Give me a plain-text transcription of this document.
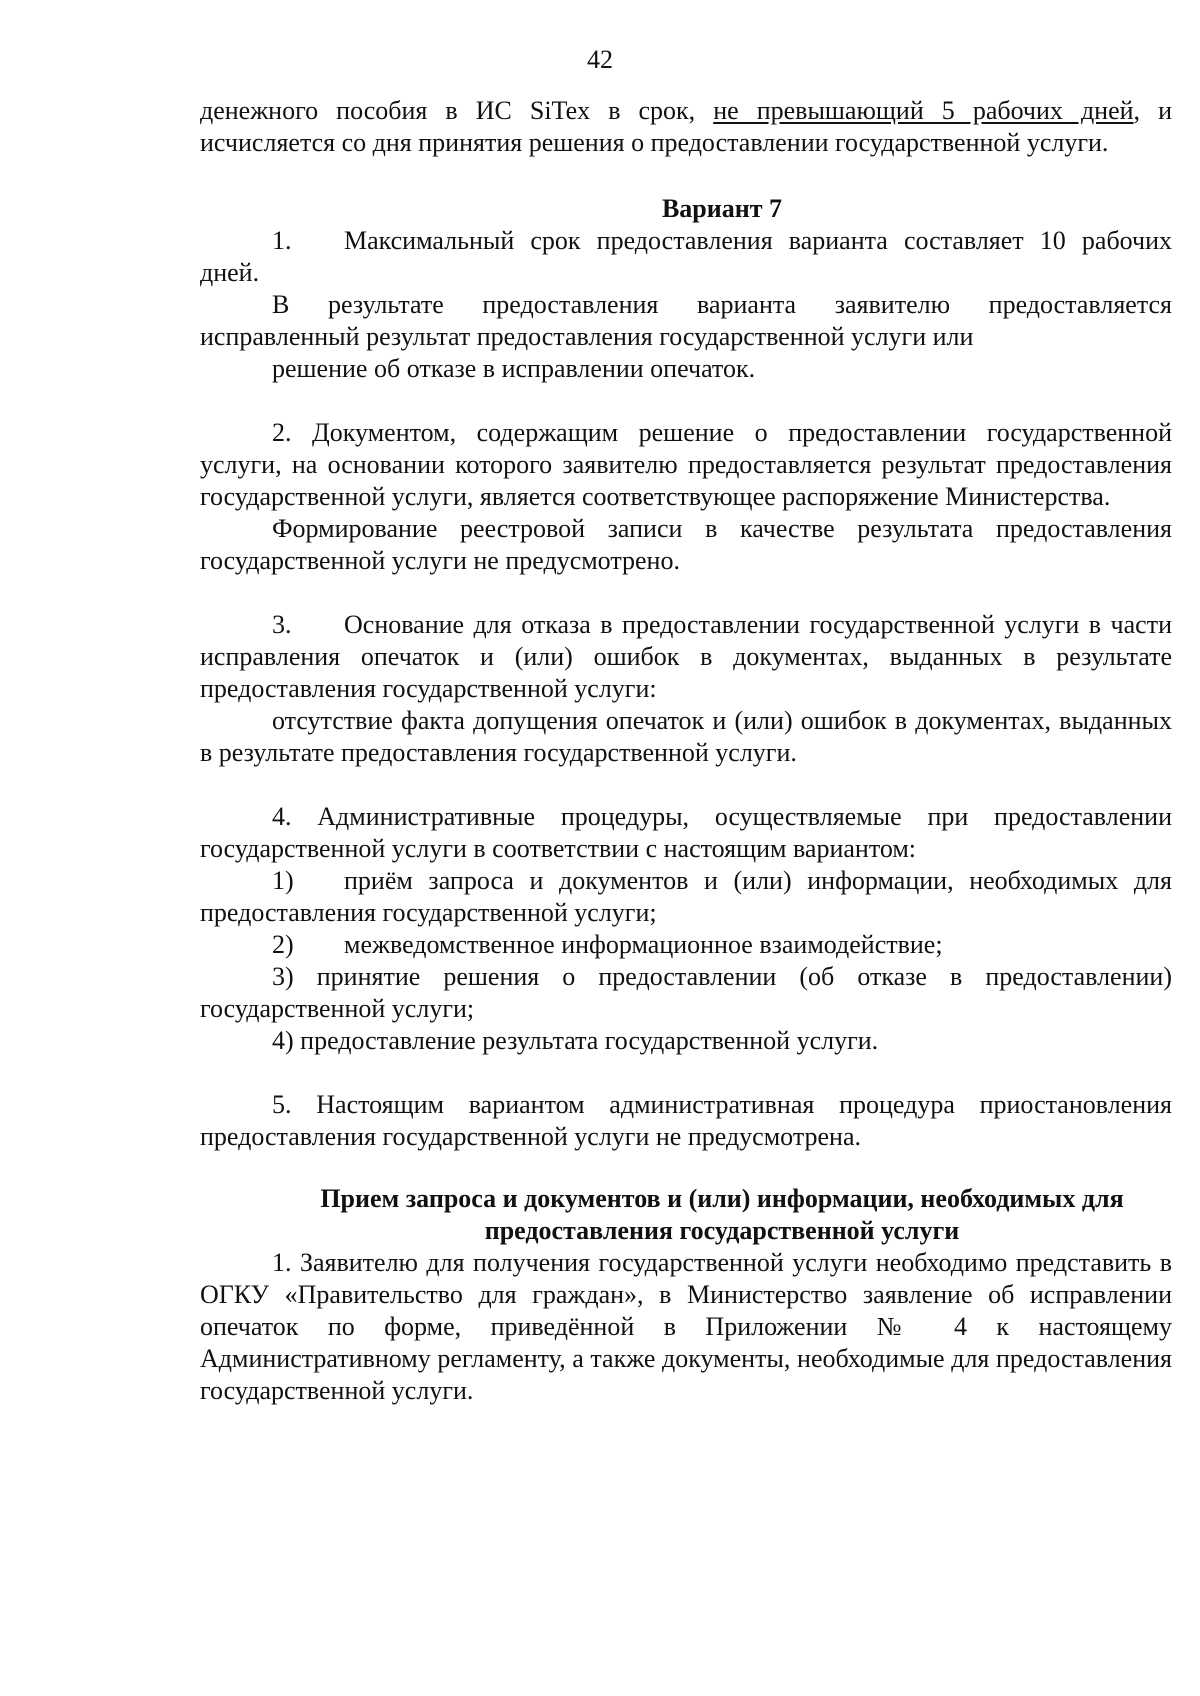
42

денежного пособия в ИС SiTex в срок, не превышающий 5 рабочих дней, и исчисляется со дня принятия решения о предоставлении государственной услуги.

Вариант 7

1. Максимальный срок предоставления варианта составляет 10 рабочих дней.

В результате предоставления варианта заявителю предоставляется исправленный результат предоставления государственной услуги или

решение об отказе в исправлении опечаток.

2. Документом, содержащим решение о предоставлении государственной услуги, на основании которого заявителю предоставляется результат предоставления государственной услуги, является соответствующее распоряжение Министерства.

Формирование реестровой записи в качестве результата предоставления государственной услуги не предусмотрено.

3. Основание для отказа в предоставлении государственной услуги в части исправления опечаток и (или) ошибок в документах, выданных в результате предоставления государственной услуги:

отсутствие факта допущения опечаток и (или) ошибок в документах, выданных в результате предоставления государственной услуги.

4. Административные процедуры, осуществляемые при предоставлении государственной услуги в соответствии с настоящим вариантом:

1) приём запроса и документов и (или) информации, необходимых для предоставления государственной услуги;

2) межведомственное информационное взаимодействие;

3) принятие решения о предоставлении (об отказе в предоставлении) государственной услуги;

4) предоставление результата государственной услуги.

5. Настоящим вариантом административная процедура приостановления предоставления государственной услуги не предусмотрена.

Прием запроса и документов и (или) информации, необходимых для
предоставления государственной услуги

1. Заявителю для получения государственной услуги необходимо представить в ОГКУ «Правительство для граждан», в Министерство заявление об исправлении опечаток по форме, приведённой в Приложении № 4 к настоящему Административному регламенту, а также документы, необходимые для предоставления государственной услуги.
